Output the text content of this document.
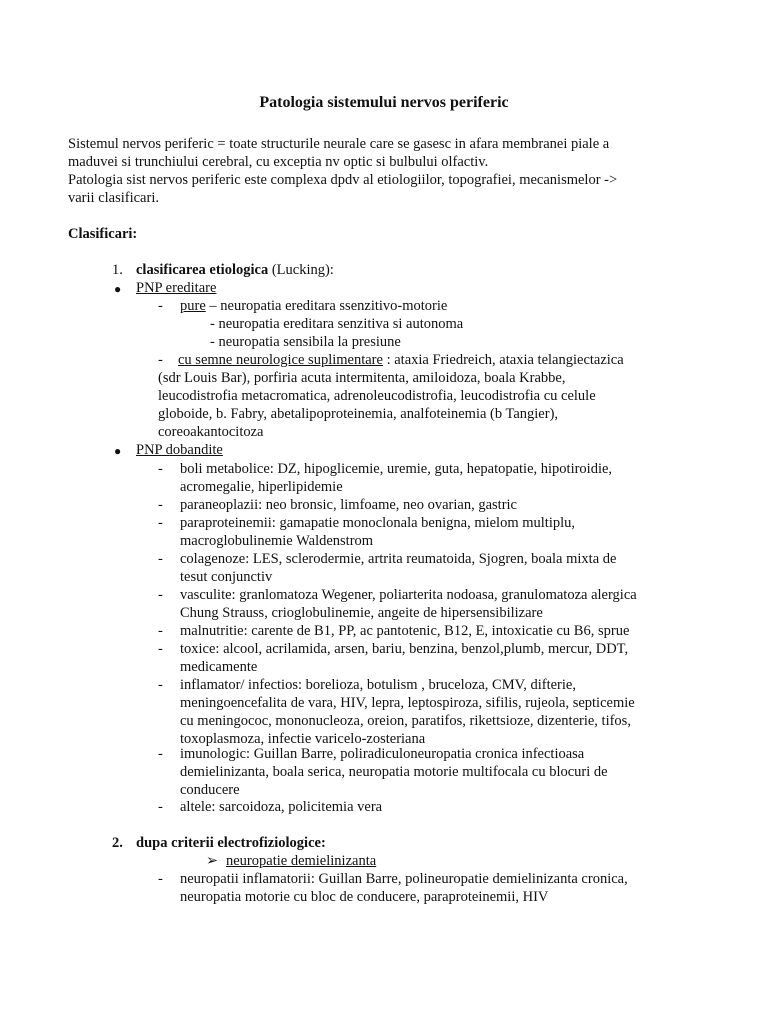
Patologia sistemului nervos periferic
Sistemul nervos periferic = toate structurile neurale care se gasesc in afara membranei piale a
maduvei si trunchiului cerebral, cu exceptia nv optic si bulbului olfactiv.
Patologia sist nervos periferic este complexa dpdv al etiologiilor, topografiei, mecanismelor ->
varii clasificari.
Clasificari:
1. clasificarea etiologica (Lucking):
● PNP ereditare
- pure – neuropatia ereditara ssenzitivo-motorie
- neuropatia ereditara senzitiva si autonoma
- neuropatia sensibila la presiune
- cu semne neurologice suplimentare : ataxia Friedreich, ataxia telangiectazica
(sdr Louis Bar), porfiria acuta intermitenta, amiloidoza, boala Krabbe,
leucodistrofia metacromatica, adrenoleucodistrofia, leucodistrofia cu celule
globoide, b. Fabry, abetalipoproteinemia, analfoteinemia (b Tangier),
coreoakantocitoza
● PNP dobandite
- boli metabolice: DZ, hipoglicemie, uremie, guta, hepatopatie, hipotiroidie,
acromegalie, hiperlipidemie
- paraneoplazii: neo bronsic, limfoame, neo ovarian, gastric
- paraproteinemii: gamapatie monoclonala benigna, mielom multiplu,
macroglobulinemie Waldenstrom
- colagenoze: LES, sclerodermie, artrita reumatoida, Sjogren, boala mixta de
tesut conjunctiv
- vasculite: granlomatoza Wegener, poliarterita nodoasa, granulomatoza alergica
Chung Strauss, crioglobulinemie, angeite de hipersensibilizare
- malnutritie: carente de B1, PP, ac pantotenic, B12, E, intoxicatie cu B6, sprue
- toxice: alcool, acrilamida, arsen, bariu, benzina, benzol,plumb, mercur, DDT,
medicamente
- inflamator/ infectios: borelioza, botulism , bruceloza, CMV, difterie,
meningoencefalita de vara, HIV, lepra, leptospiroza, sifilis, rujeola, septicemie
cu meningococ, mononucleoza, oreion, paratifos, rikettsioze, dizenterie, tifos,
toxoplasmoza, infectie varicelo-zosteriana
- imunologic: Guillan Barre, poliradiculoneuropatia cronica infectioasa
demielinizanta, boala serica, neuropatia motorie multifocala cu blocuri de
conducere
- altele: sarcoidoza, policitemia vera
2. dupa criterii electrofiziologice:
➢ neuropatie demielinizanta
- neuropatii inflamatorii: Guillan Barre, polineuropatie demielinizanta cronica,
neuropatia motorie cu bloc de conducere, paraproteinemii, HIV
